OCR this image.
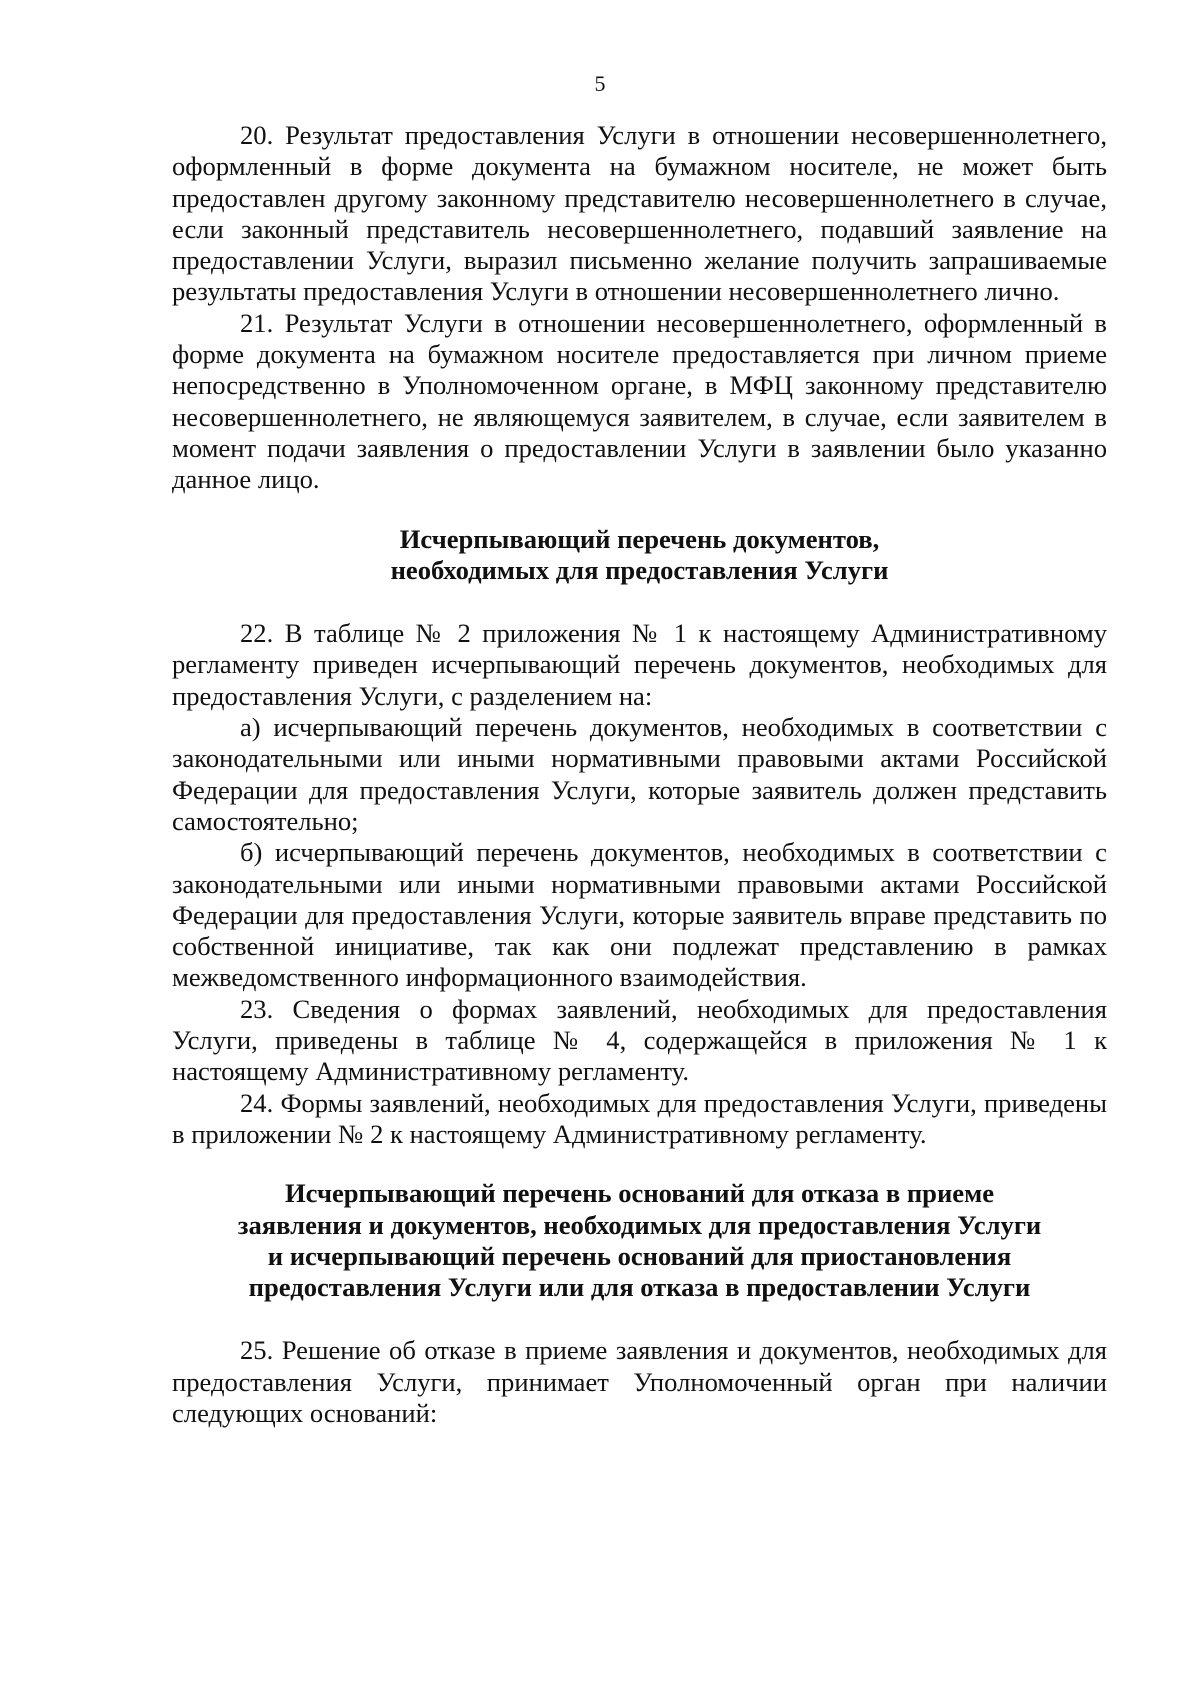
5

20. Результат предоставления Услуги в отношении несовершеннолетнего, оформленный в форме документа на бумажном носителе, не может быть предоставлен другому законному представителю несовершеннолетнего в случае, если законный представитель несовершеннолетнего, подавший заявление на предоставлении Услуги, выразил письменно желание получить запрашиваемые результаты предоставления Услуги в отношении несовершеннолетнего лично.

21. Результат Услуги в отношении несовершеннолетнего, оформленный в форме документа на бумажном носителе предоставляется при личном приеме непосредственно в Уполномоченном органе, в МФЦ законному представителю несовершеннолетнего, не являющемуся заявителем, в случае, если заявителем в момент подачи заявления о предоставлении Услуги в заявлении было указанно данное лицо.

Исчерпывающий перечень документов,
необходимых для предоставления Услуги

22. В таблице № 2 приложения № 1 к настоящему Административному регламенту приведен исчерпывающий перечень документов, необходимых для предоставления Услуги, с разделением на:

а) исчерпывающий перечень документов, необходимых в соответствии с законодательными или иными нормативными правовыми актами Российской Федерации для предоставления Услуги, которые заявитель должен представить самостоятельно;

б) исчерпывающий перечень документов, необходимых в соответствии с законодательными или иными нормативными правовыми актами Российской Федерации для предоставления Услуги, которые заявитель вправе представить по собственной инициативе, так как они подлежат представлению в рамках межведомственного информационного взаимодействия.

23. Сведения о формах заявлений, необходимых для предоставления Услуги, приведены в таблице № 4, содержащейся в приложения № 1 к настоящему Административному регламенту.

24. Формы заявлений, необходимых для предоставления Услуги, приведены в приложении № 2 к настоящему Административному регламенту.

Исчерпывающий перечень оснований для отказа в приеме
заявления и документов, необходимых для предоставления Услуги
и исчерпывающий перечень оснований для приостановления
предоставления Услуги или для отказа в предоставлении Услуги

25. Решение об отказе в приеме заявления и документов, необходимых для предоставления Услуги, принимает Уполномоченный орган при наличии следующих оснований:
